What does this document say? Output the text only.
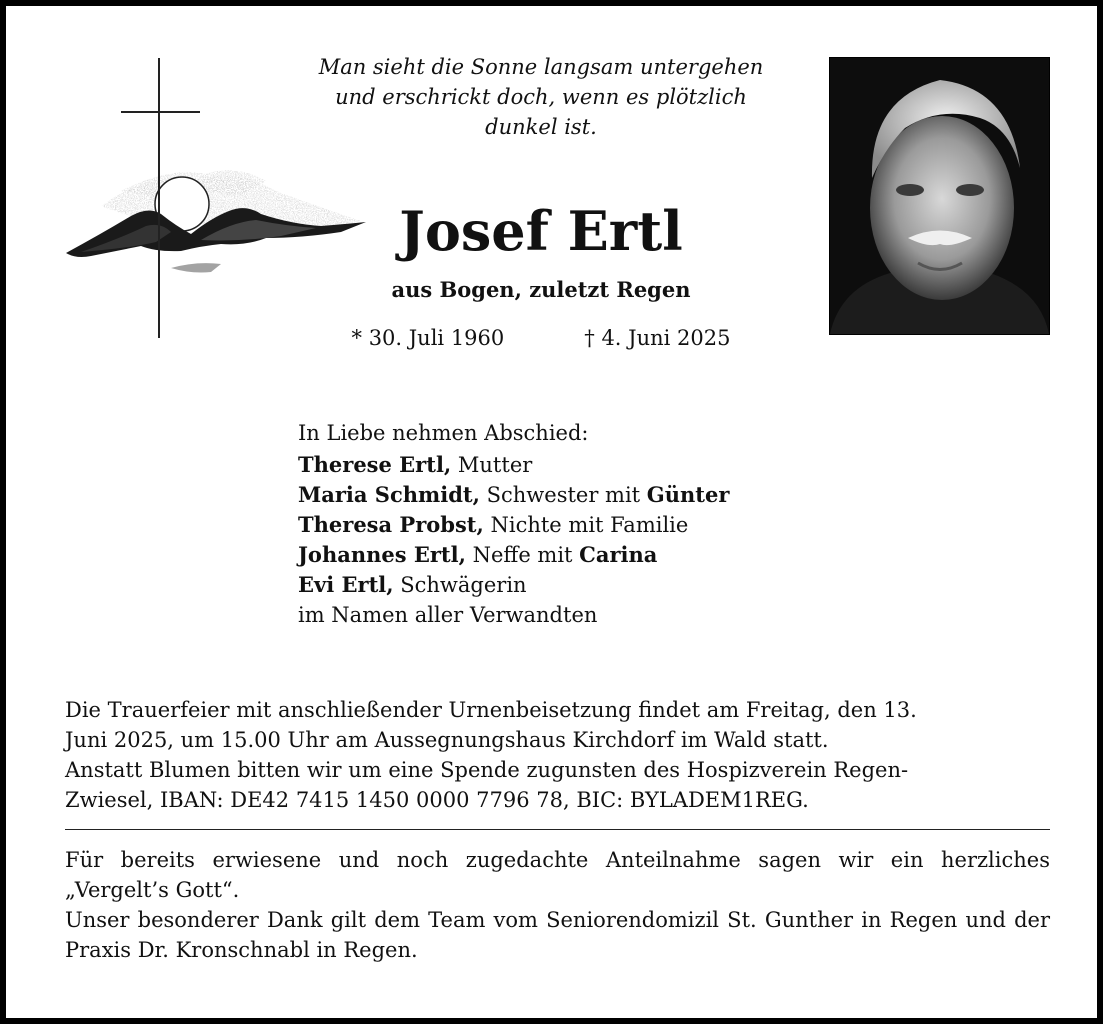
Man sieht die Sonne langsam untergehen
und erschrickt doch, wenn es plötzlich
dunkel ist.
Josef Ertl
aus Bogen, zuletzt Regen
* 30. Juli 1960	† 4. Juni 2025
In Liebe nehmen Abschied:
Therese Ertl, Mutter
Maria Schmidt, Schwester mit Günter
Theresa Probst, Nichte mit Familie
Johannes Ertl, Neffe mit Carina
Evi Ertl, Schwägerin
im Namen aller Verwandten
Die Trauerfeier mit anschließender Urnenbeisetzung findet am Freitag, den 13.
Juni 2025, um 15.00 Uhr am Aussegnungshaus Kirchdorf im Wald statt.
Anstatt Blumen bitten wir um eine Spende zugunsten des Hospizverein Regen-
Zwiesel, IBAN: DE42 7415 1450 0000 7796 78, BIC: BYLADEM1REG.

Für bereits erwiesene und noch zugedachte Anteilnahme sagen wir ein herzliches „Vergelt’s Gott“.

Unser besonderer Dank gilt dem Team vom Seniorendomizil St. Gunther in Regen und der Praxis Dr. Kronschnabl in Regen.
